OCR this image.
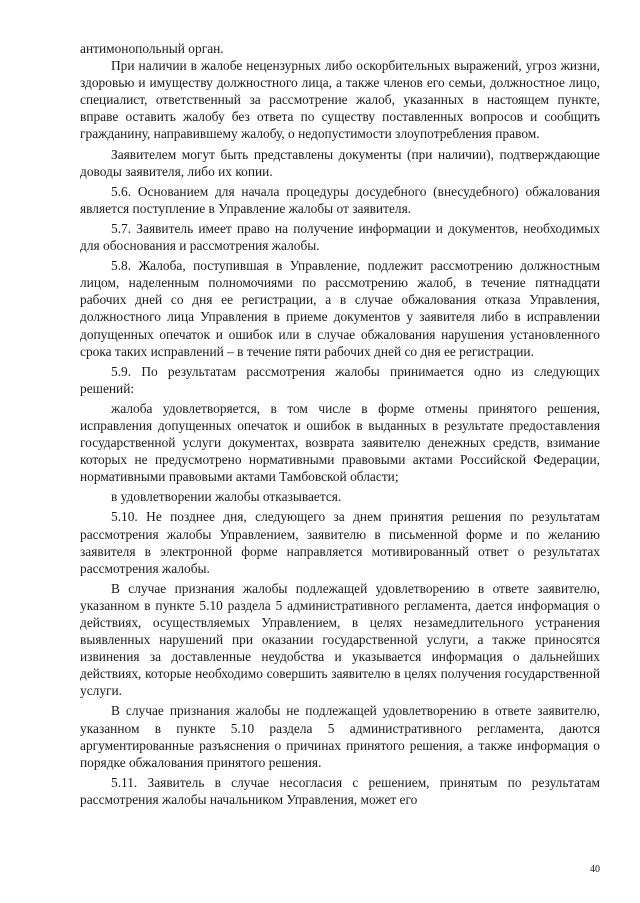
антимонопольный орган.

При наличии в жалобе нецензурных либо оскорбительных выражений, угроз жизни, здоровью и имуществу должностного лица, а также членов его семьи, должностное лицо, специалист, ответственный за рассмотрение жалоб, указанных в настоящем пункте, вправе оставить жалобу без ответа по существу поставленных вопросов и сообщить гражданину, направившему жалобу, о недопустимости злоупотребления правом.

Заявителем могут быть представлены документы (при наличии), подтверждающие доводы заявителя, либо их копии.

5.6. Основанием для начала процедуры досудебного (внесудебного) обжалования является поступление в Управление жалобы от заявителя.

5.7. Заявитель имеет право на получение информации и документов, необходимых для обоснования и рассмотрения жалобы.

5.8. Жалоба, поступившая в Управление, подлежит рассмотрению должностным лицом, наделенным полномочиями по рассмотрению жалоб, в течение пятнадцати рабочих дней со дня ее регистрации, а в случае обжалования отказа Управления, должностного лица Управления в приеме документов у заявителя либо в исправлении допущенных опечаток и ошибок или в случае обжалования нарушения установленного срока таких исправлений – в течение пяти рабочих дней со дня ее регистрации.

5.9. По результатам рассмотрения жалобы принимается одно из следующих решений:

жалоба удовлетворяется, в том числе в форме отмены принятого решения, исправления допущенных опечаток и ошибок в выданных в результате предоставления государственной услуги документах, возврата заявителю денежных средств, взимание которых не предусмотрено нормативными правовыми актами Российской Федерации, нормативными правовыми актами Тамбовской области;

в удовлетворении жалобы отказывается.

5.10. Не позднее дня, следующего за днем принятия решения по результатам рассмотрения жалобы Управлением, заявителю в письменной форме и по желанию заявителя в электронной форме направляется мотивированный ответ о результатах рассмотрения жалобы.

В случае признания жалобы подлежащей удовлетворению в ответе заявителю, указанном в пункте 5.10 раздела 5 административного регламента, дается информация о действиях, осуществляемых Управлением, в целях незамедлительного устранения выявленных нарушений при оказании государственной услуги, а также приносятся извинения за доставленные неудобства и указывается информация о дальнейших действиях, которые необходимо совершить заявителю в целях получения государственной услуги.

В случае признания жалобы не подлежащей удовлетворению в ответе заявителю, указанном в пункте 5.10 раздела 5 административного регламента, даются аргументированные разъяснения о причинах принятого решения, а также информация о порядке обжалования принятого решения.

5.11. Заявитель в случае несогласия с решением, принятым по результатам рассмотрения жалобы начальником Управления, может его

40
